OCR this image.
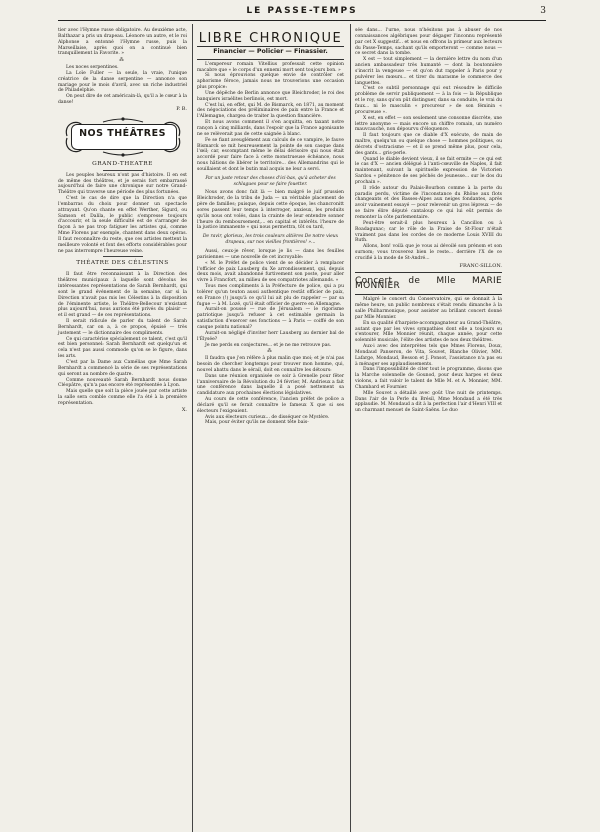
LE PASSE-TEMPS	3

tier avec l'Hymne russe obligatoire. Au deuxième acte, Balthazar a pris un drapeau. Léonore un autre, et le roi Alphonse a entonné l'Hymne russe, puis la Marseillaise, après quoi on a continué bien tranquillement la Favorite. »

⁂

Les noces serpentines.

La Loïe Fuller — la seule, la vraie, l'unique créatrice de la danse serpentine — annonce son mariage pour le mois d'avril, avec un riche industriel de Philadelphie.

On peut dire de cet américain-là, qu'il a le cœur à la danse!

P. B.
NOS THÉÂTRES
GRAND-THEATRE

Les peuples heureux n'ont pas d'histoire. Il en est de même des théâtres, et je serais fort embarrassé aujourd'hui de faire une chronique sur notre Grand-Théâtre qui traverse une période des plus fortunées.

C'est le cas de dire que la Direction n'a que l'embarras du choix pour donner un spectacle attrayant. Qu'on chante en effet Werther, Sigurd, ou Samson et Dalila, le public s'empresse toujours d'accourir, et la seule difficulté est de s'arranger de façon à ne pas trop fatiguer les artistes qui, comme Mme Florens par exemple, chantent dans deux opéras. Il faut reconnaître du reste, que ces artistes mettent la meilleure volonté et font des efforts considérables pour ne pas interrompre l'heureuse veine.

THÉATRE DES CÉLESTINS

Il faut être reconnaissant à la Direction des théâtres municipaux à laquelle sont dévolus les intéressantes représentations de Sarah Bernhardt, qui sont le grand événement de la semaine, car si la Direction n'avait pas mis les Célestins à la disposition de l'éminente artiste, le Théâtre-Bellecour n'existant plus aujourd'hui, nous aurions été privés du plaisir — et il est grand — de ces représentations.

Il serait ridicule de parler du talent de Sarah Bernhardt, car on a, à ce propos, épuisé — très justement — le dictionnaire des compliments.

Ce qui caractérise spécialement ce talent, c'est qu'il est bien personnel: Sarah Bernhardt est quelqu'un et cela n'est pas aussi commode qu'on se le figure, dans les arts.

C'est par la Dame aux Camélias que Mme Sarah Bernhardt a commencé la série de ses représentations qui seront au nombre de quatre.

Comme nouveauté Sarah Bernhardt nous donne Cléopâtre, qu'n'a pas encore été représentée à Lyon.

Mais quelle que soit la pièce jouée par cette artiste la salle sera comble comme elle l'a été à la première représentation.

X.
LIBRE CHRONIQUE
Financier — Policier — Finassier.

L'empereur romain Vitellius professait cette opinion macabre que « le corps d'un ennemi mort sent toujours bon. »

Si nous éprouvions quelque envie de contrôler cet aphorisme féroce, jamais nous ne trouverions une occasion plus propice:

Une dépêche de Berlin annonce que Bleichroder, le roi des banquiers israélites berlinois, est mort.

C'est lui, en effet, qui M. de Bismarck, en 1871, au moment des négociations des préliminaires de paix entre la France et l'Allemagne, chargea de traiter la question financière.

Et nous avons comment il s'en acquitta, en taxant notre rançon à cinq milliards, dans l'espoir que la France agonisante ne se relèverait pas de cette saignée à blanc.

Fe se fiant aveuglément aux calculs de ce vampire, le fauve Bismarck se mit heureusement la pointe de son casque dans l'œil; car, escomptant même le délai dérisoire qui nous était accordé pour faire face à cette monstrueuse échéance, nous nous hâtions de libérer le territoire... des Allemandrins qui le souillaient et dont le butin mal acquis ne leur a servi.

Par un juste retour des choses d'ici-bas, qu'à acheter des schlagues pour se faire fouetter.

Nous avons donc fait là — bien malgré le juif prussien Bleichroder, de la tribu de Juda — un véritable placement de père de familles; puisque, depuis cette époque, les chancronitt sores passent leur temps à interroger, anxieux, les produits qu'ils nous ont volés, dans la crainte de leur entendre sonner l'heure du remboursement,... en capital et intérêts. l'heure de la justice immanente « qui nous permettra, tôt ou tard,

De ravir, glorieux, les trois couleurs altières De notre vieux drapeau, sur nos vieilles frontières! »...

Aussi, ceux-je rêver, lorsque je lis — dans les feuilles parisiennes — une nouvelle de cet incroyable:

« M. le Préfet de police vient de se décider à remplacer l'officier de paix Lausberg du Xe arrondissement, qui, depuis deux mois, avait abandonné furtivement son poste, pour aller vivre à Francfort, au milieu de ses compatriotes allemands. »

Tous mes compliments à la Préfecture de police, qui a pu tolérer qu'un teuton aussi authentique restât officier de paix, en France (!) jusqu'à ce qu'il lui ait plu de rappeler — par sa fugue — à M. Lozé, qu'il était officier de guerre en Allemagne.

Aurait-on poussé — rue de Jérusalem — le rigorisme patriotique jusqu'à refuser à cet estimable germain la satisfaction d'exercer ses fonctions — à Paris — coiffé de son casque pointu national?

Aurait-on négligé d'inviter herr Lausberg au dernier bal de l'Élysée?

Je me perds en conjectures... et je ne me retrouve pas.

⁂

Il faudra que j'en réfère à plus malin que moi; et je n'ai pas besoin de chercher longtemps pour trouver mon homme, qui, nouvel abattu dans le sérail, doit en connaître les détours:

Dans une réunion organisée ce soir à Grenelle pour fêter l'anniversaire de la Révolution du 24 février, M. Andrieux a fait une conférence dans laquelle il a posé nettement sa candidature aux prochaines élections législatives.

Au cours de cette conférence, l'ancien préfet de police a déclaré qu'il se ferait connaître le fameux X que si ses électeurs l'exigeaient.

Avis aux électeurs curieux... de disséquer ce Mystère.

Mais, pour éviter qu'ils ne donnent tête bais-

sée dans... l'urne, nous n'hésitons pas à abuser de nos connaissances algébriques pour dégager l'inconnu représenté par cet X suggestif... et nous en offrons la primeur aux lecteurs du Passe-Temps, sachant qu'ils emporteront — comme nous — ce secret dans la tombe.

X est — tout simplement — la dernière lettre du nom d'un ancien ambassadeur très humanté — dont la boutonnière s'inscrit la vengeuse — et qu'on dut rappeler à Paris pour y pulvérer les mœurs... et tirer du marasme le commerce des languettes.

C'est ce subtil personnage qui eut résoudre le difficile problème de servir publiquement — à la fois — la République et le roy, sans qu'on pût distinguer, dans sa conduite, le vrai du faux... ni le masculin « procureur » de son féminin « procureuse ».

X est, en effet — son seulement une consonne discrète, une lettre anonyme — mais encore un chiffre romain, un numéro mauvcauché, non dépourvu d'éloquence.

Il faut toujours que ce diable d'X exécute, de main de maître, quelqu'un ou quelque chose — hommes politiques, ou décrets d'ostracisme — et il se prend même plus, pour cela, des gants... gris-perle.

Quand le diable devient vieux, il se fait ermite — ce qui est le cas d'X — ancien délégué à l'anti-cœuville de Naples, il fait maintenant, suivant la spirituelle expression de Victorien Sardou « pénitence de ses péchés de jeunesse... sur le dos du prochain ».

Il rôde autour du Palais-Bourbon comme à la porte du paradis perdu, victime de l'inconstance du Rhône aux flots changeants et des Basses-Alpes aux neiges fondantes, après avoir vainement essayé — pour relevenir un gros lépreux — de se faire élire député cantaloup ce qui lui eût permis de remonter la côte parlementaire.

Peut-être serait-il plus heureux à Cancillon ou à Roadagunac; car le rôle de la Fraise de St-Flour n'était vraiment pas dans les cordes de ce moderne Louis XVIII du Ruth.

Allons, bon! voilà que je vous ai dévoilé son prénom et son surnom; vous trouverez bien le reste... derrière l'X de ce crucifié à la mode de St-André...

FRANC-SILLON.
Concert de Mlle MARIE MONNIER

Malgré le concert du Conservatoire, qui se donnait à la même heure, un public nombreux s'était rendu dimanche à la salle Philharmonique, pour assister au brillant concert donné par Mlle Monnier.

En sa qualité d'harpiste-accompagnateur au Grand-Théâtre, autant que par les vives sympathies dont elle a toujours su s'entourer, Mlle Monnier réunit, chaque année, pour cette solennité musicale, l'élite des artistes de nos deux théâtres.

Aux-i avec des interprètes tels que Mmes Florens, Doux, Mondaud Panseron, de Vita, Souvet, Blanche Olivier, MM. Lafarge, Mondaud, Besson et J. Ponsot, l'assistance n'a pas eu à ménager ses applaudissements.

Dans l'impossibilité de citer tout le programme, disons que la Marche solennelle de Gounod, pour deux harpes et deux violons, a fait valoir le talent de Mlle M. et A. Monnier, MM. Chambard et Fournier.

Mlle Souvet a détaillé avec goût Une nuit de printemps. Dans l'air de la Perle du Brésil, Mme Mondaud a été très applaudie. M. Mondaud a dit à la perfection l'air d'Henri VIII et un charmant menuet de Saint-Saëns. Le duo
